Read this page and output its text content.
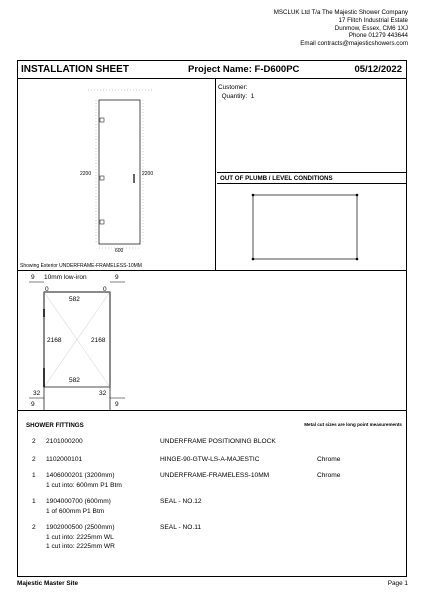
MSCLUK Ltd T/a The Majestic Shower Company
17 Flitch Industrial Estate
Dunmow, Essex, CM6 1XJ
Phone 01279 443644
Email contracts@majesticshowers.com
INSTALLATION SHEET	Project Name: F-D600PC	05/12/2022
2200	2200
600
Showing Exterior UNDERFRAME-FRAMELESS-10MM
Customer:
Quantity: 1
OUT OF PLUMB / LEVEL CONDITIONS
9 10mm low-iron	9
0	0
582
2168	2168
582
32	32
9	9
SHOWER FITTINGS	Metal cut sizes are long point measurements
2 2101000200	UNDERFRAME POSITIONING BLOCK
2 1102000101	HINGE-90-GTW-LS-A-MAJESTIC	Chrome
1 1406000201 (3200mm)	UNDERFRAME-FRAMELESS-10MM	Chrome
1 cut into: 600mm P1 Btm
1 1904000700 (600mm)	SEAL - NO.12
1 of 600mm P1 Btm
2 1902000500 (2500mm)	SEAL - NO.11
1 cut into: 2225mm WL
1 cut into: 2225mm WR
Majestic Master Site	Page 1
